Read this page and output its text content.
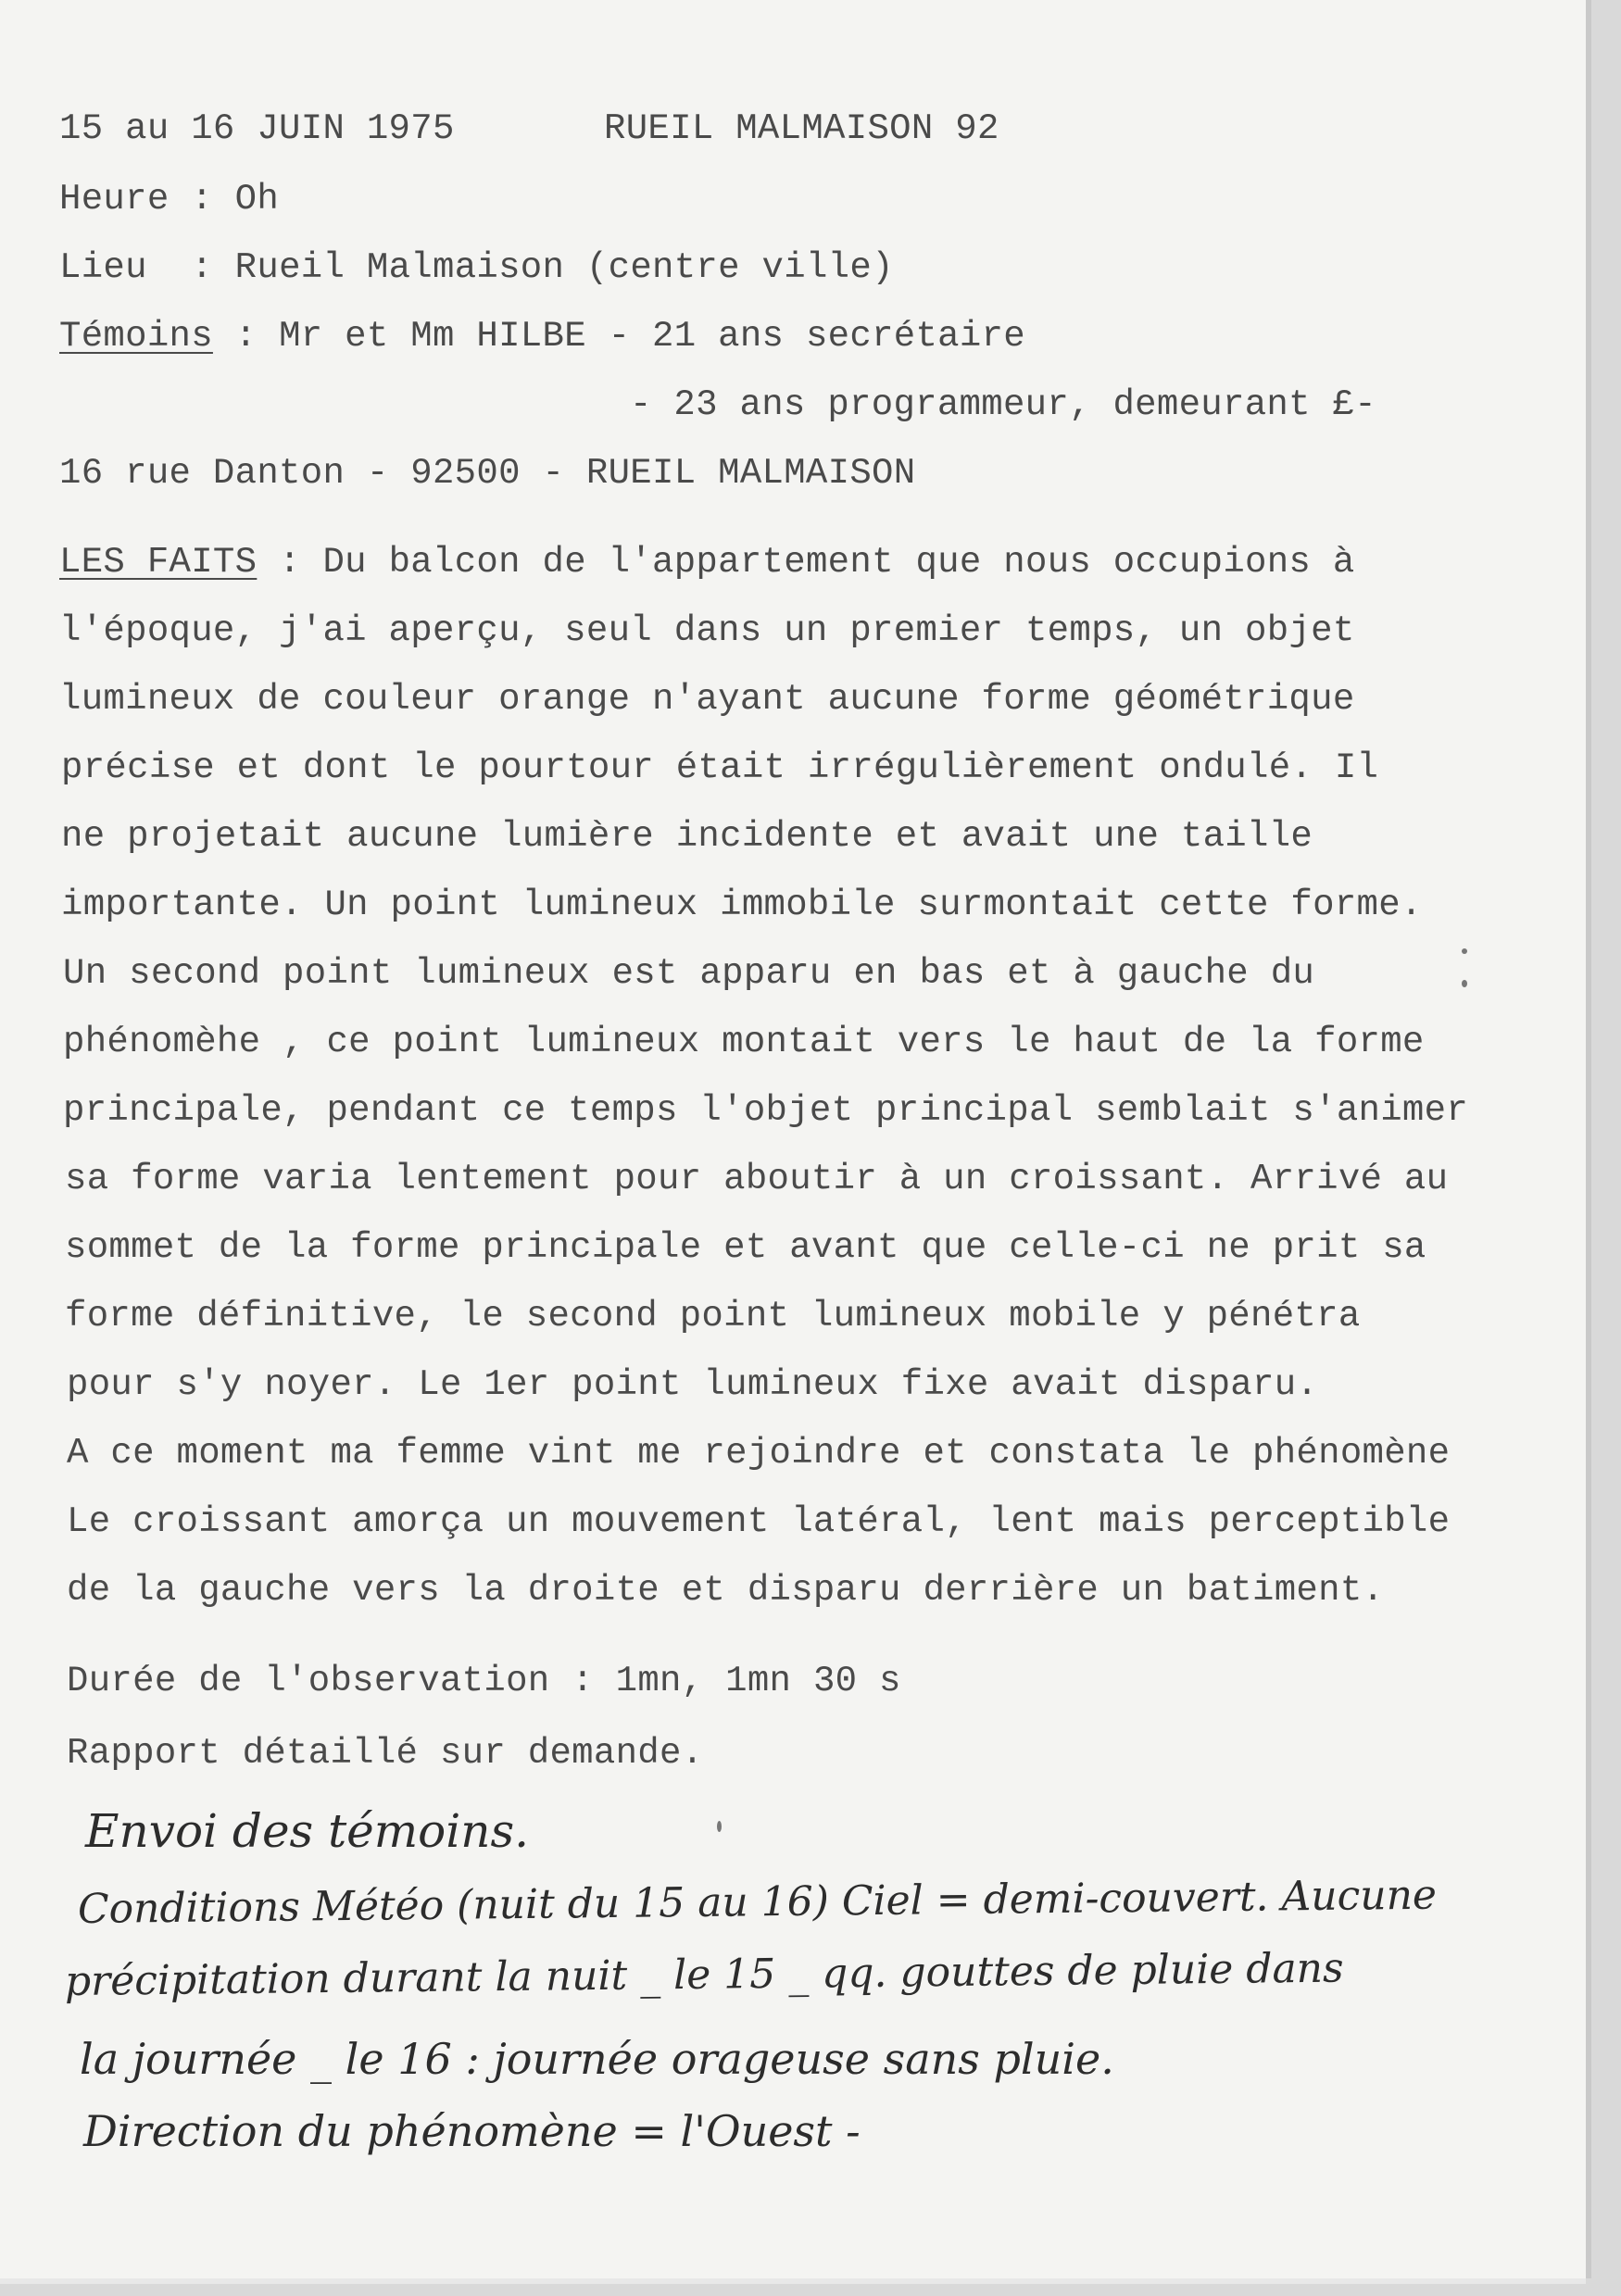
15 au 16 JUIN 1975	RUEIL MALMAISON 92
Heure : Oh
Lieu  : Rueil Malmaison (centre ville)
Témoins : Mr et Mm HILBE - 21 ans secrétaire
- 23 ans programmeur, demeurant £-
16 rue Danton - 92500 - RUEIL MALMAISON
LES FAITS : Du balcon de l'appartement que nous occupions à
l'époque, j'ai aperçu, seul dans un premier temps, un objet
lumineux de couleur orange n'ayant aucune forme géométrique
précise et dont le pourtour était irrégulièrement ondulé. Il
ne projetait aucune lumière incidente et avait une taille
importante. Un point lumineux immobile surmontait cette forme.
Un second point lumineux est apparu en bas et à gauche du
phénomèhe , ce point lumineux montait vers le haut de la forme
principale, pendant ce temps l'objet principal semblait s'animer
sa forme varia lentement pour aboutir à un croissant. Arrivé au
sommet de la forme principale et avant que celle-ci ne prit sa
forme définitive, le second point lumineux mobile y pénétra
pour s'y noyer. Le 1er point lumineux fixe avait disparu.
A ce moment ma femme vint me rejoindre et constata le phénomène
Le croissant amorça un mouvement latéral, lent mais perceptible
de la gauche vers la droite et disparu derrière un batiment.
Durée de l'observation : 1mn, 1mn 30 s
Rapport détaillé sur demande.
Envoi des témoins.
Conditions Météo (nuit du 15 au 16) Ciel = demi-couvert. Aucune
précipitation durant la nuit _ le 15 _ qq. gouttes de pluie dans
la journée _ le 16 : journée orageuse sans pluie.
Direction du phénomène = l'Ouest -
